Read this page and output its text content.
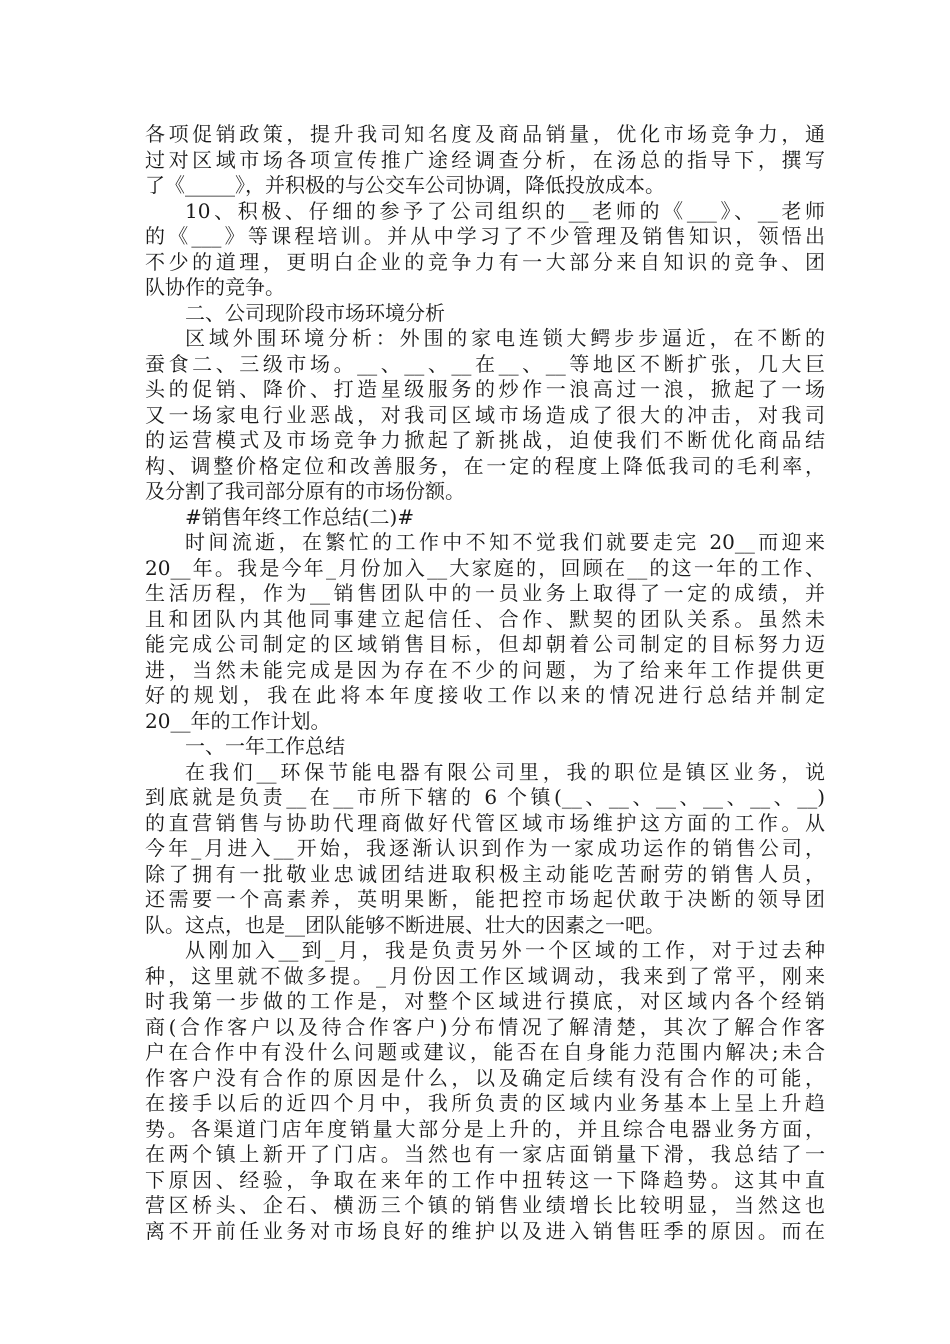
各项促销政策，提升我司知名度及商品销量，优化市场竞争力，通
过对区域市场各项宣传推广途经调查分析，在汤总的指导下，撰写
了《_____》，并积极的与公交车公司协调，降低投放成本。
10、积极、仔细的参予了公司组织的__老师的《___》、__老师
的《___》等课程培训。并从中学习了不少管理及销售知识，领悟出
不少的道理，更明白企业的竞争力有一大部分来自知识的竞争、团
队协作的竞争。
二、公司现阶段市场环境分析
区域外围环境分析：外围的家电连锁大鳄步步逼近，在不断的
蚕食二、三级市场。__、__、__在__、__等地区不断扩张，几大巨
头的促销、降价、打造星级服务的炒作一浪高过一浪，掀起了一场
又一场家电行业恶战，对我司区域市场造成了很大的冲击，对我司
的运营模式及市场竞争力掀起了新挑战，迫使我们不断优化商品结
构、调整价格定位和改善服务，在一定的程度上降低我司的毛利率，
及分割了我司部分原有的市场份额。
#销售年终工作总结(二)#
时间流逝，在繁忙的工作中不知不觉我们就要走完 20__而迎来
20__年。我是今年_月份加入__大家庭的，回顾在__的这一年的工作、
生活历程，作为__销售团队中的一员业务上取得了一定的成绩，并
且和团队内其他同事建立起信任、合作、默契的团队关系。虽然未
能完成公司制定的区域销售目标，但却朝着公司制定的目标努力迈
进，当然未能完成是因为存在不少的问题，为了给来年工作提供更
好的规划，我在此将本年度接收工作以来的情况进行总结并制定
20__年的工作计划。
一、一年工作总结
在我们__环保节能电器有限公司里，我的职位是镇区业务，说
到底就是负责__在__市所下辖的 6 个镇(__、__、__、__、__、__)
的直营销售与协助代理商做好代管区域市场维护这方面的工作。从
今年_月进入__开始，我逐渐认识到作为一家成功运作的销售公司，
除了拥有一批敬业忠诚团结进取积极主动能吃苦耐劳的销售人员，
还需要一个高素养，英明果断，能把控市场起伏敢于决断的领导团
队。这点，也是__团队能够不断进展、壮大的因素之一吧。
从刚加入__到_月，我是负责另外一个区域的工作，对于过去种
种，这里就不做多提。_月份因工作区域调动，我来到了常平，刚来
时我第一步做的工作是，对整个区域进行摸底，对区域内各个经销
商(合作客户以及待合作客户)分布情况了解清楚，其次了解合作客
户在合作中有没什么问题或建议，能否在自身能力范围内解决;未合
作客户没有合作的原因是什么，以及确定后续有没有合作的可能，
在接手以后的近四个月中，我所负责的区域内业务基本上呈上升趋
势。各渠道门店年度销量大部分是上升的，并且综合电器业务方面，
在两个镇上新开了门店。当然也有一家店面销量下滑，我总结了一
下原因、经验，争取在来年的工作中扭转这一下降趋势。这其中直
营区桥头、企石、横沥三个镇的销售业绩增长比较明显，当然这也
离不开前任业务对市场良好的维护以及进入销售旺季的原因。而在
